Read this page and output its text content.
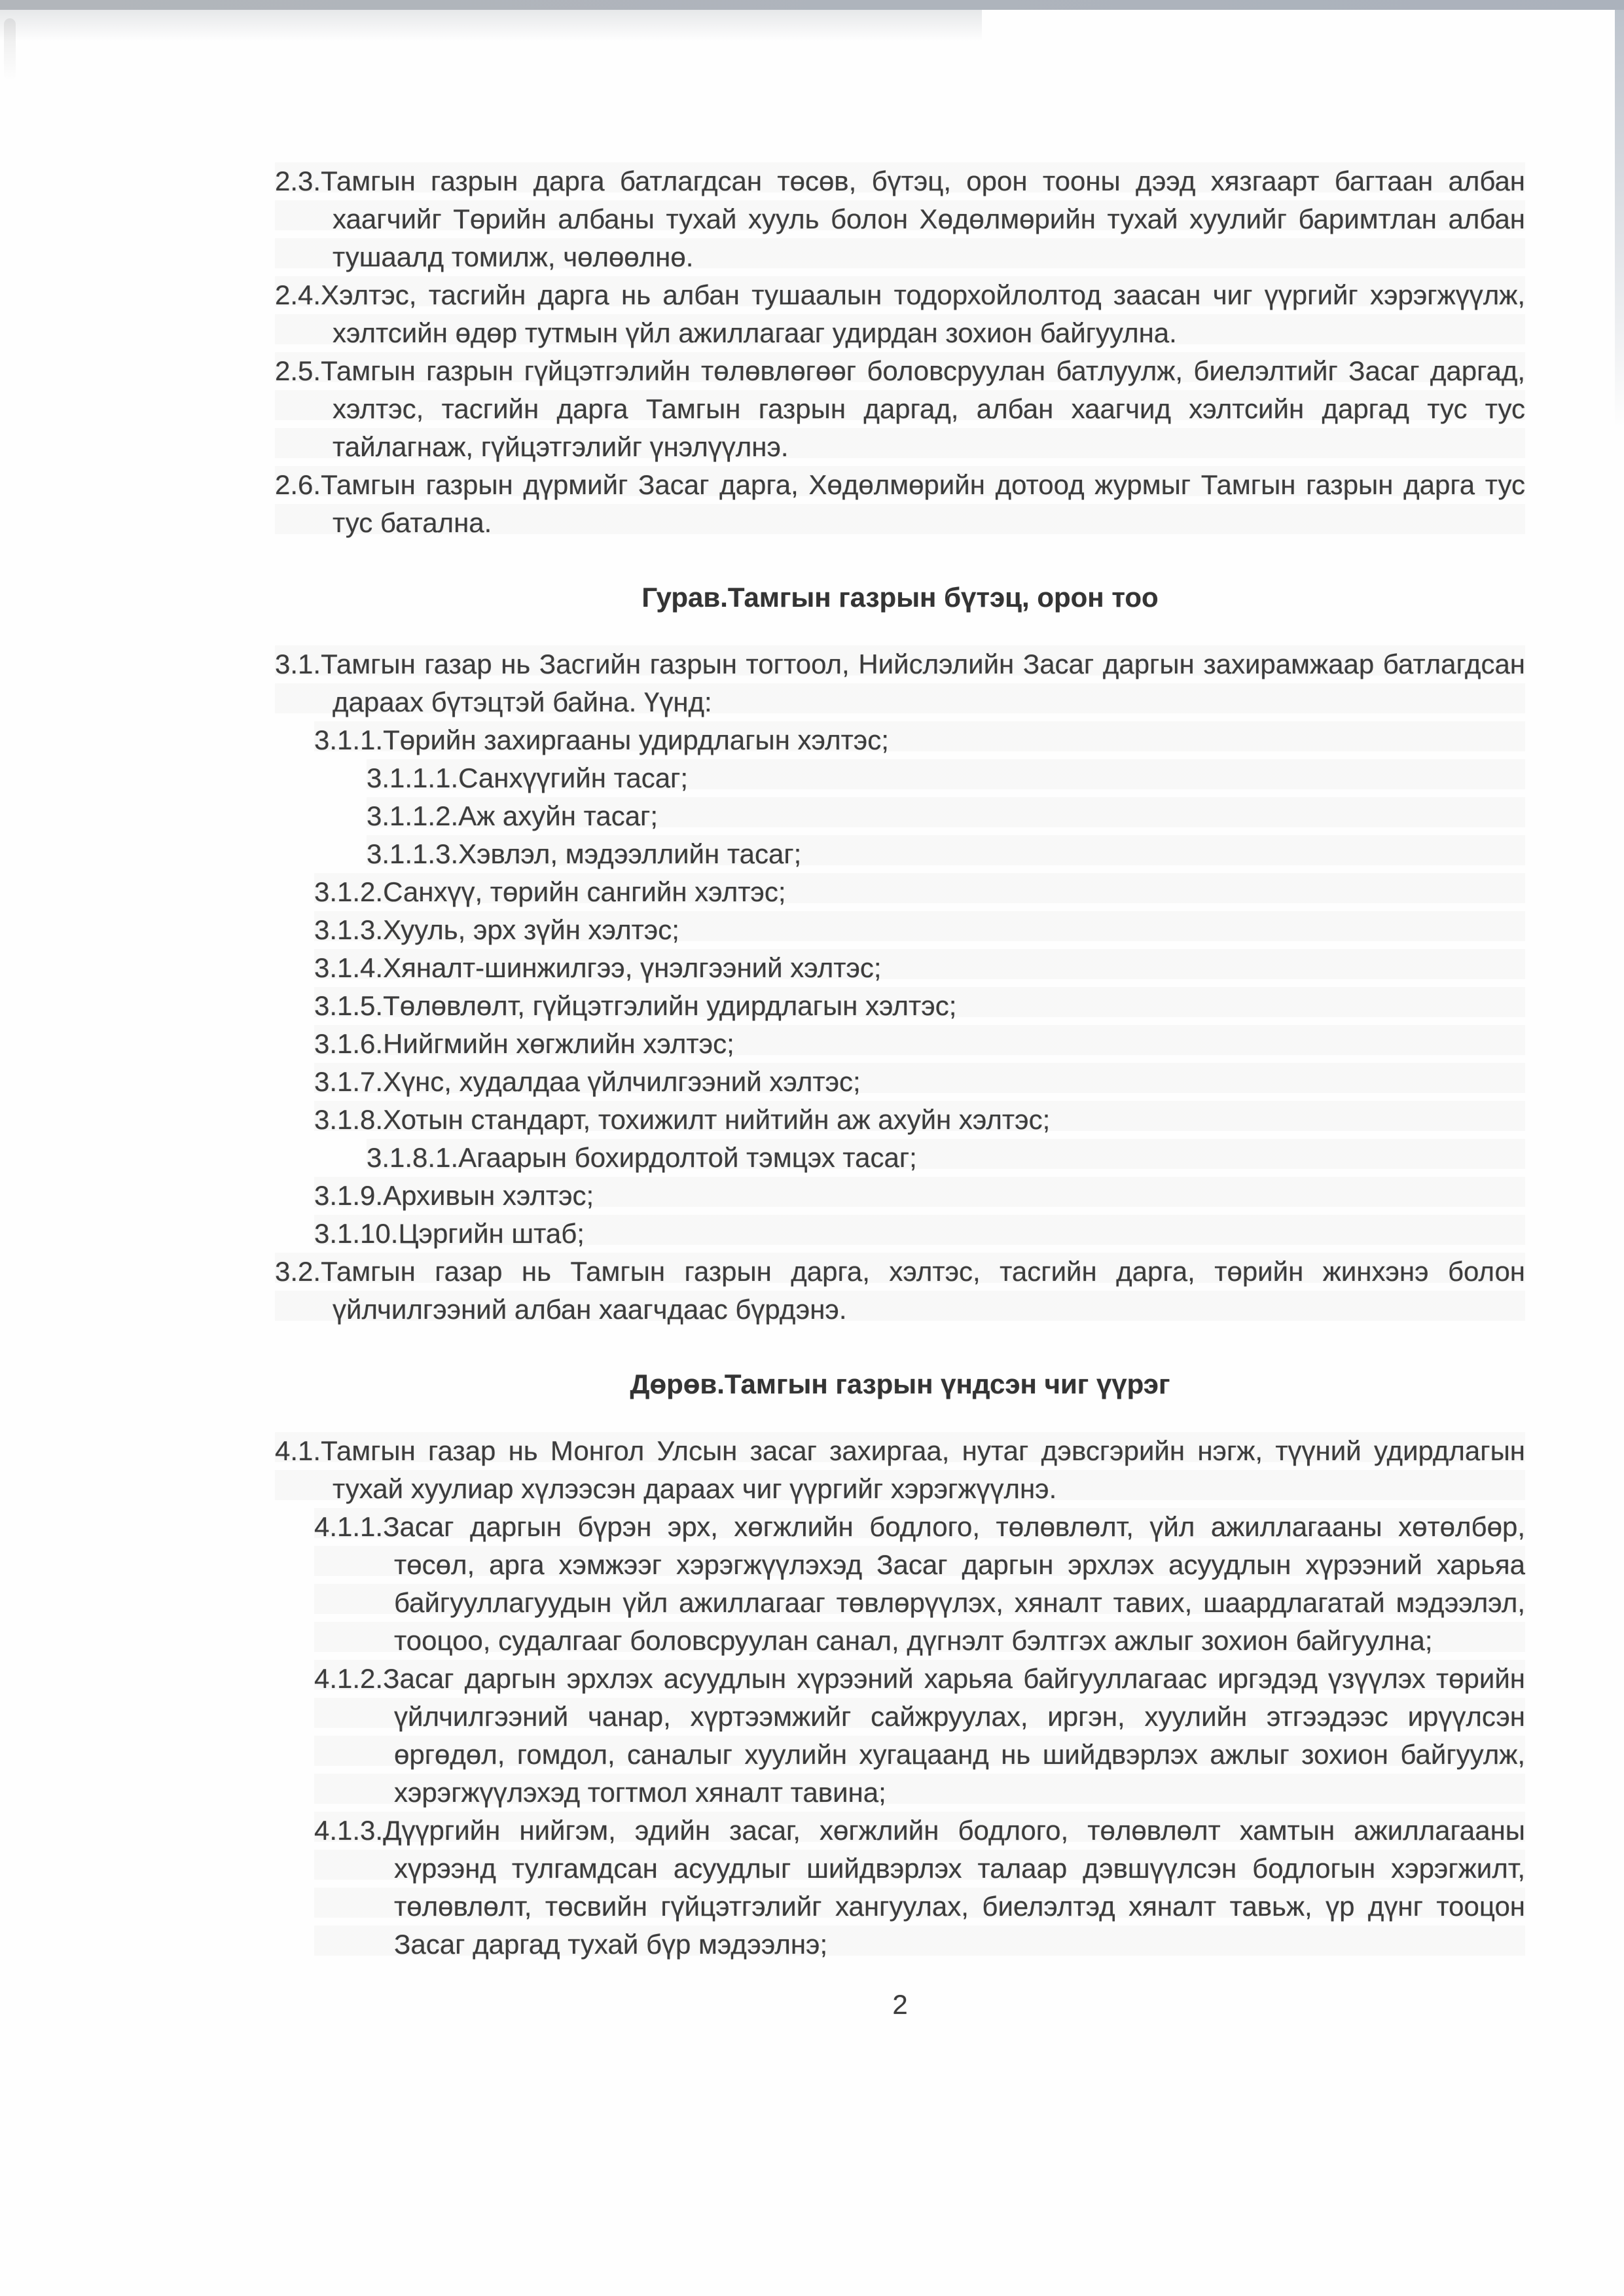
2.3.Тамгын газрын дарга батлагдсан төсөв, бүтэц, орон тооны дээд хязгаарт багтаан албан хаагчийг Төрийн албаны тухай хууль болон Хөдөлмөрийн тухай хуулийг баримтлан албан тушаалд томилж, чөлөөлнө.

2.4.Хэлтэс, тасгийн дарга нь албан тушаалын тодорхойлолтод заасан чиг үүргийг хэрэгжүүлж, хэлтсийн өдөр тутмын үйл ажиллагааг удирдан зохион байгуулна.

2.5.Тамгын газрын гүйцэтгэлийн төлөвлөгөөг боловсруулан батлуулж, биелэлтийг Засаг даргад, хэлтэс, тасгийн дарга Тамгын газрын даргад, албан хаагчид хэлтсийн даргад тус тус тайлагнаж, гүйцэтгэлийг үнэлүүлнэ.

2.6.Тамгын газрын дүрмийг Засаг дарга, Хөдөлмөрийн дотоод журмыг Тамгын газрын дарга тус тус батална.

Гурав.Тамгын газрын бүтэц, орон тоо

3.1.Тамгын газар нь Засгийн газрын тогтоол, Нийслэлийн Засаг даргын захирамжаар батлагдсан дараах бүтэцтэй байна. Үүнд:

3.1.1.Төрийн захиргааны удирдлагын хэлтэс;

3.1.1.1.Санхүүгийн тасаг;

3.1.1.2.Аж ахуйн тасаг;

3.1.1.3.Хэвлэл, мэдээллийн тасаг;

3.1.2.Санхүү, төрийн сангийн хэлтэс;

3.1.3.Хууль, эрх зүйн хэлтэс;

3.1.4.Хяналт-шинжилгээ, үнэлгээний хэлтэс;

3.1.5.Төлөвлөлт, гүйцэтгэлийн удирдлагын хэлтэс;

3.1.6.Нийгмийн хөгжлийн хэлтэс;

3.1.7.Хүнс, худалдаа үйлчилгээний хэлтэс;

3.1.8.Хотын стандарт, тохижилт нийтийн аж ахуйн хэлтэс;

3.1.8.1.Агаарын бохирдолтой тэмцэх тасаг;

3.1.9.Архивын хэлтэс;

3.1.10.Цэргийн штаб;

3.2.Тамгын газар нь Тамгын газрын дарга, хэлтэс, тасгийн дарга, төрийн жинхэнэ болон үйлчилгээний албан хаагчдаас бүрдэнэ.

Дөрөв.Тамгын газрын үндсэн чиг үүрэг

4.1.Тамгын газар нь Монгол Улсын засаг захиргаа, нутаг дэвсгэрийн нэгж, түүний удирдлагын тухай хуулиар хүлээсэн дараах чиг үүргийг хэрэгжүүлнэ.

4.1.1.Засаг даргын бүрэн эрх, хөгжлийн бодлого, төлөвлөлт, үйл ажиллагааны хөтөлбөр, төсөл, арга хэмжээг хэрэгжүүлэхэд Засаг даргын эрхлэх асуудлын хүрээний харьяа байгууллагуудын үйл ажиллагааг төвлөрүүлэх, хяналт тавих, шаардлагатай мэдээлэл, тооцоо, судалгааг боловсруулан санал, дүгнэлт бэлтгэх ажлыг зохион байгуулна;

4.1.2.Засаг даргын эрхлэх асуудлын хүрээний харьяа байгууллагаас иргэдэд үзүүлэх төрийн үйлчилгээний чанар, хүртээмжийг сайжруулах, иргэн, хуулийн этгээдээс ирүүлсэн өргөдөл, гомдол, саналыг хуулийн хугацаанд нь шийдвэрлэх ажлыг зохион байгуулж, хэрэгжүүлэхэд тогтмол хяналт тавина;

4.1.3.Дүүргийн нийгэм, эдийн засаг, хөгжлийн бодлого, төлөвлөлт хамтын ажиллагааны хүрээнд тулгамдсан асуудлыг шийдвэрлэх талаар дэвшүүлсэн бодлогын хэрэгжилт, төлөвлөлт, төсвийн гүйцэтгэлийг хангуулах, биелэлтэд хяналт тавьж, үр дүнг тооцон Засаг даргад тухай бүр мэдээлнэ;

2
